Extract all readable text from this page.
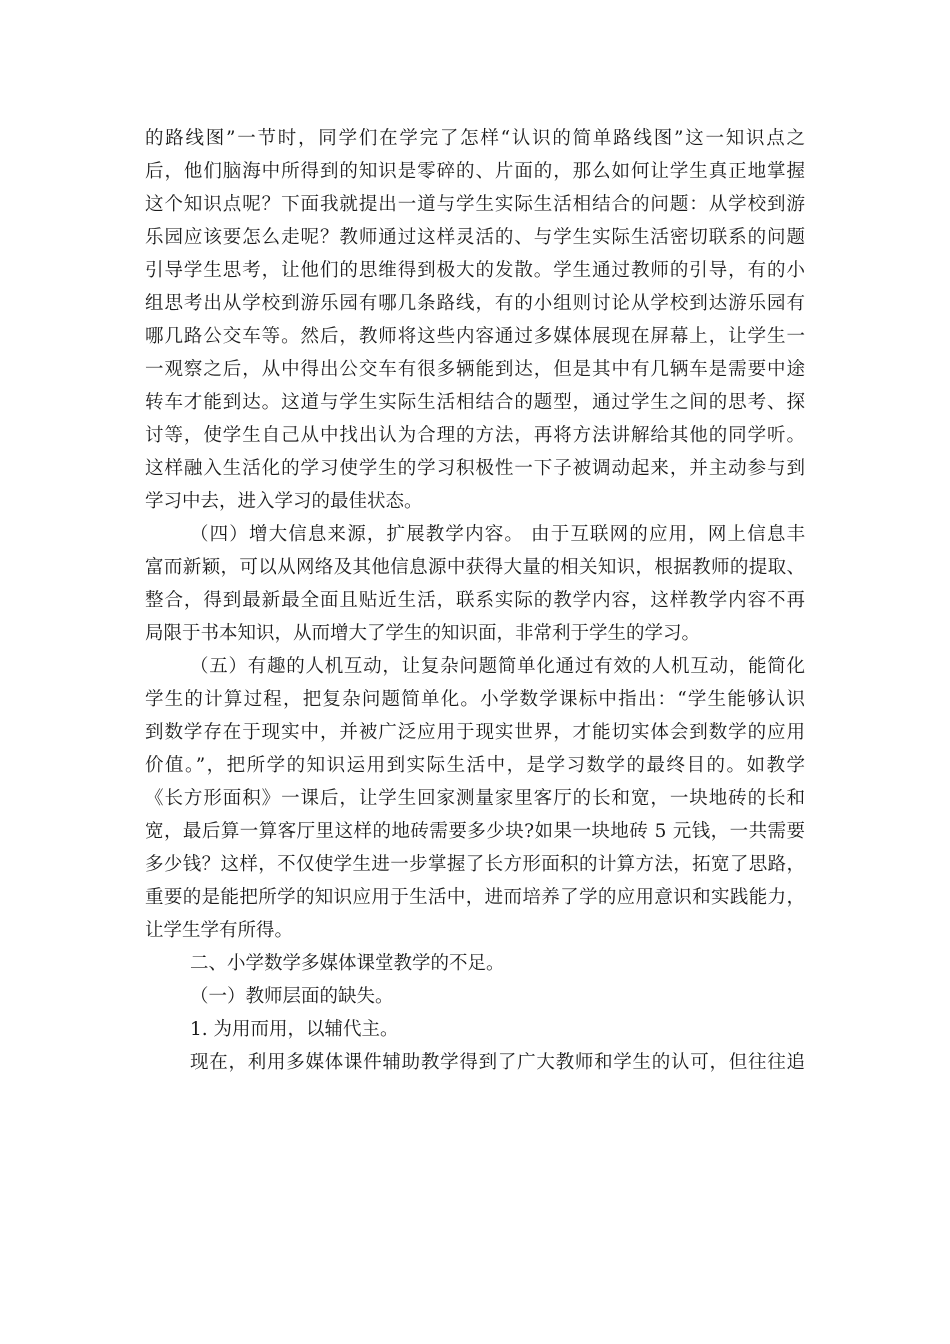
的路线图”一节时，同学们在学完了怎样“认识的简单路线图”这一知识点之
后，他们脑海中所得到的知识是零碎的、片面的，那么如何让学生真正地掌握
这个知识点呢？下面我就提出一道与学生实际生活相结合的问题：从学校到游
乐园应该要怎么走呢？教师通过这样灵活的、与学生实际生活密切联系的问题
引导学生思考，让他们的思维得到极大的发散。学生通过教师的引导，有的小
组思考出从学校到游乐园有哪几条路线，有的小组则讨论从学校到达游乐园有
哪几路公交车等。然后，教师将这些内容通过多媒体展现在屏幕上，让学生一
一观察之后，从中得出公交车有很多辆能到达，但是其中有几辆车是需要中途
转车才能到达。这道与学生实际生活相结合的题型，通过学生之间的思考、探
讨等，使学生自己从中找出认为合理的方法，再将方法讲解给其他的同学听。
这样融入生活化的学习使学生的学习积极性一下子被调动起来，并主动参与到
学习中去，进入学习的最佳状态。
（四）增大信息来源，扩展教学内容。 由于互联网的应用，网上信息丰
富而新颖，可以从网络及其他信息源中获得大量的相关知识，根据教师的提取、
整合，得到最新最全面且贴近生活，联系实际的教学内容，这样教学内容不再
局限于书本知识，从而增大了学生的知识面，非常利于学生的学习。
（五）有趣的人机互动，让复杂问题简单化通过有效的人机互动，能简化
学生的计算过程，把复杂问题简单化。小学数学课标中指出：“学生能够认识
到数学存在于现实中，并被广泛应用于现实世界，才能切实体会到数学的应用
价值。”，把所学的知识运用到实际生活中，是学习数学的最终目的。如教学
《长方形面积》一课后，让学生回家测量家里客厅的长和宽，一块地砖的长和
宽，最后算一算客厅里这样的地砖需要多少块?如果一块地砖 5 元钱，一共需要
多少钱？这样，不仅使学生进一步掌握了长方形面积的计算方法，拓宽了思路，
重要的是能把所学的知识应用于生活中，进而培养了学的应用意识和实践能力，
让学生学有所得。
二、小学数学多媒体课堂教学的不足。
（一）教师层面的缺失。
1. 为用而用，以辅代主。
现在，利用多媒体课件辅助教学得到了广大教师和学生的认可，但往往追
